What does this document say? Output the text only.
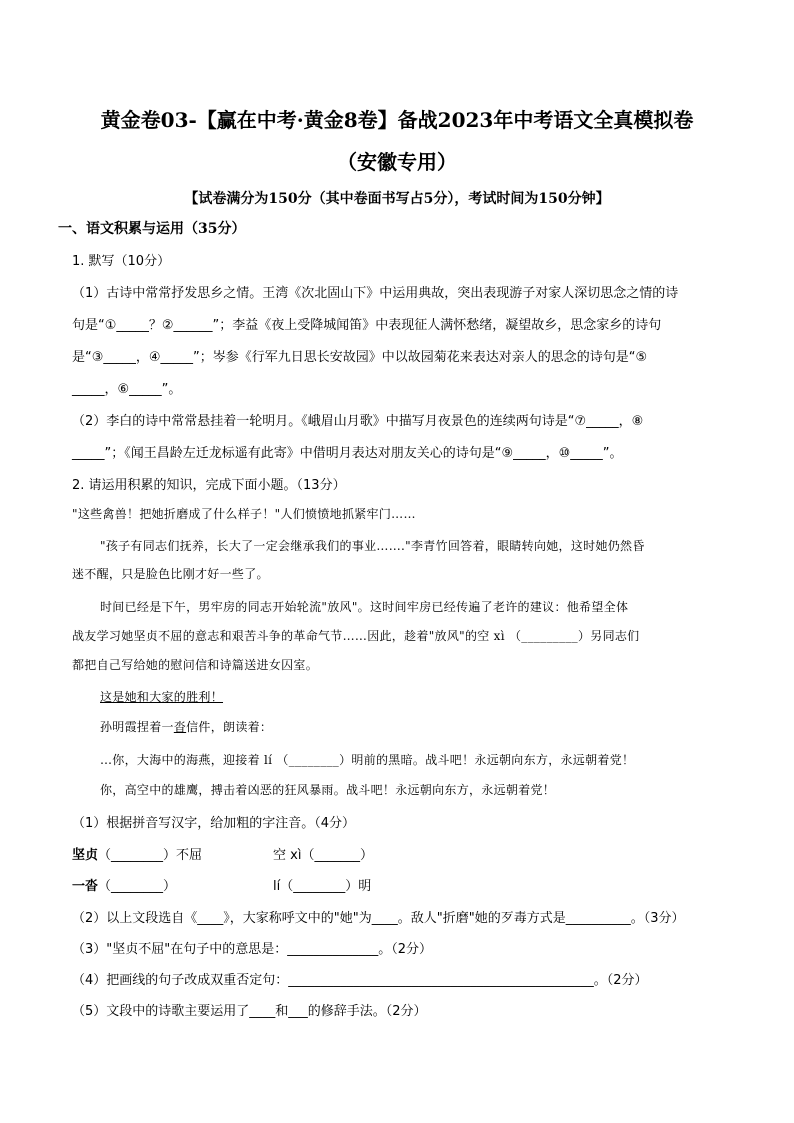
黄金卷03-【赢在中考·黄金8卷】备战2023年中考语文全真模拟卷
（安徽专用）
【试卷满分为150分（其中卷面书写占5分），考试时间为150分钟】
一、语文积累与运用（35分）
1. 默写（10分）
（1）古诗中常常抒发思乡之情。王湾《次北固山下》中运用典故，突出表现游子对家人深切思念之情的诗
句是“①_____？②______”；李益《夜上受降城闻笛》中表现征人满怀愁绪，凝望故乡，思念家乡的诗句
是“③_____，④_____”；岑参《行军九日思长安故园》中以故园菊花来表达对亲人的思念的诗句是“⑤
_____，⑥_____”。
（2）李白的诗中常常悬挂着一轮明月。《峨眉山月歌》中描写月夜景色的连续两句诗是“⑦_____，⑧
_____”；《闻王昌龄左迁龙标遥有此寄》中借明月表达对朋友关心的诗句是“⑨_____，⑩_____”。
2. 请运用积累的知识，完成下面小题。（13分）
"这些禽兽！把她折磨成了什么样子！"人们愤愤地抓紧牢门……
"孩子有同志们抚养，长大了一定会继承我们的事业……."李青竹回答着，眼睛转向她，这时她仍然昏
迷不醒，只是脸色比刚才好一些了。
时间已经是下午，男牢房的同志开始轮流"放风"。这时间牢房已经传遍了老许的建议：他希望全体
战友学习她坚贞不屈的意志和艰苦斗争的革命气节……因此，趁着"放风"的空 xì （_________）另同志们
都把自己写给她的慰问信和诗篇送进女囚室。
这是她和大家的胜利！
孙明霞捏着一沓信件，朗读着：
…你，大海中的海燕，迎接着 lí （________）明前的黑暗。战斗吧！永远朝向东方，永远朝着党！
你，高空中的雄鹰，搏击着凶恶的狂风暴雨。战斗吧！永远朝向东方，永远朝着党！
（1）根据拼音写汉字，给加粗的字注音。（4分）
坚贞（________）不屈	空 xì（_______）
一沓（________）	lí（________）明
（2）以上文段选自《____》，大家称呼文中的"她"为____。敌人"折磨"她的歹毒方式是__________。（3分）
（3）"坚贞不屈"在句子中的意思是：______________。（2分）
（4）把画线的句子改成双重否定句：_______________________________________________。（2分）
（5）文段中的诗歌主要运用了____和___的修辞手法。（2分）
